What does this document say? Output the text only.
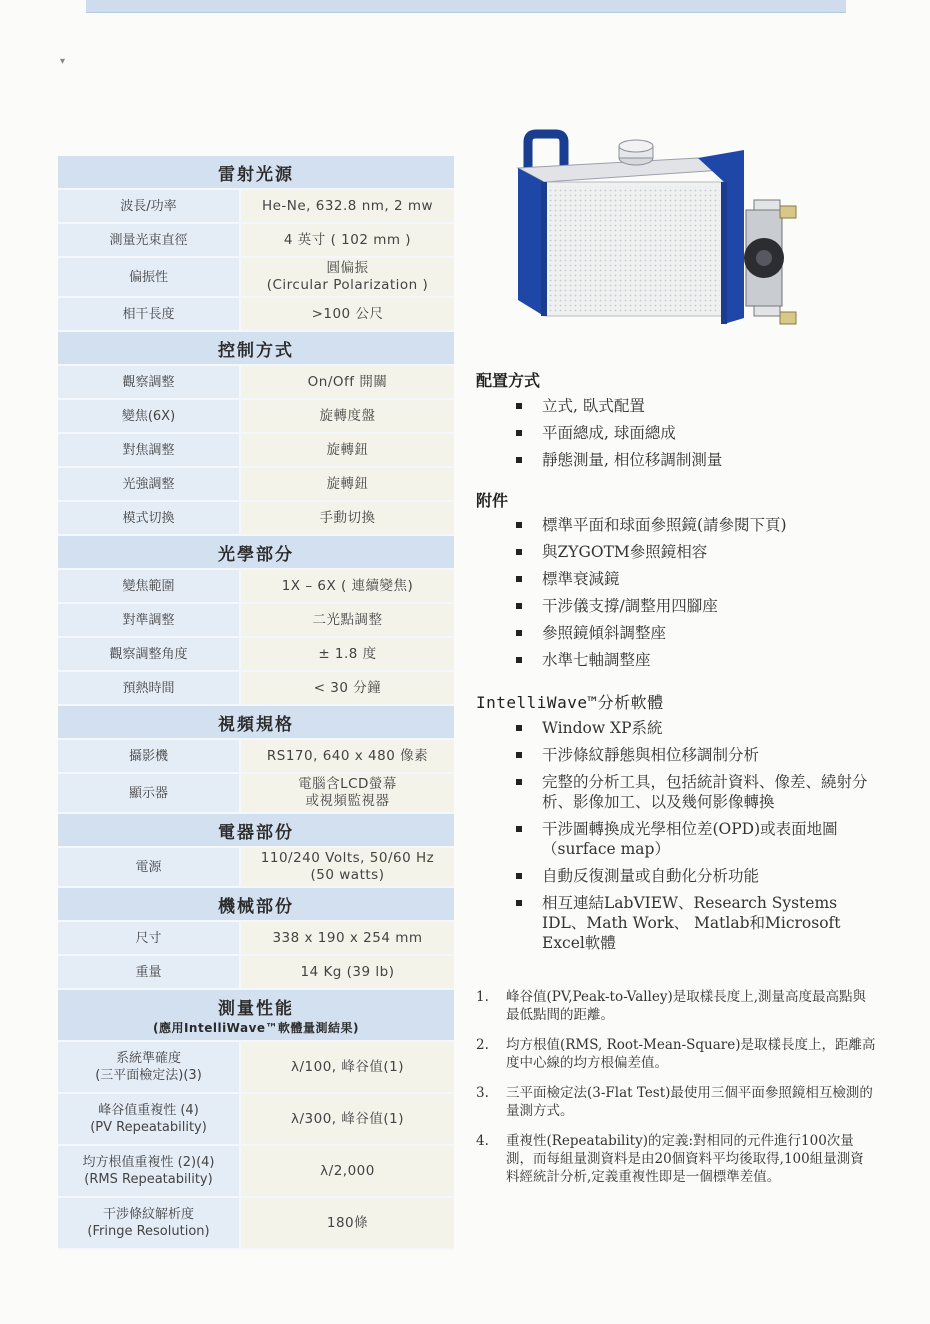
雷射光源	

波長/功率	He-Ne, 632.8 nm, 2 mw

測量光束直徑	4 英寸 ( 102 mm )

偏振性	圓偏振
(Circular Polarization )

相干長度	>100 公尺

控制方式	

觀察調整	On/Off 開關

變焦(6X)	旋轉度盤

對焦調整	旋轉鈕

光強調整	旋轉鈕

模式切換	手動切換

光學部分	

變焦範圍	1X – 6X ( 連續變焦)

對準調整	二光點調整

觀察調整角度	± 1.8 度

預熱時間	< 30 分鐘

視頻規格	

攝影機	RS170, 640 x 480 像素

顯示器	電腦含LCD螢幕
或視頻監視器

電器部份	

電源	110/240 Volts, 50/60 Hz
(50 watts)

機械部份	

尺寸	338 x 190 x 254 mm

重量	14 Kg (39 lb)

測量性能
(應用IntelliWave™軟體量測結果)	

系統準確度
(三平面檢定法)(3)	λ/100, 峰谷值(1)

峰谷值重複性 (4)
(PV Repeatability)	λ/300, 峰谷值(1)

均方根值重複性 (2)(4)
(RMS Repeatability)	λ/2,000

干涉條紋解析度
(Fringe Resolution)	180條
配置方式
立式, 臥式配置
平面總成, 球面總成
靜態測量, 相位移調制測量
附件
標準平面和球面參照鏡(請參閱下頁)
與ZYGOTM參照鏡相容
標準衰減鏡
干涉儀支撐/調整用四腳座
參照鏡傾斜調整座
水準七軸調整座
IntelliWave™分析軟體
Window XP系統
干涉條紋靜態與相位移調制分析
完整的分析工具，包括統計資料、像差、繞射分析、影像加工、以及幾何影像轉換
干涉圖轉換成光學相位差(OPD)或表面地圖（surface map）
自動反復測量或自動化分析功能
相互連結LabVIEW、Research Systems IDL、Math Work、 Matlab和Microsoft Excel軟體
1. 峰谷值(PV,Peak-to-Valley)是取樣長度上,測量高度最高點與最低點間的距離。
2. 均方根值(RMS, Root-Mean-Square)是取樣長度上，距離高度中心線的均方根偏差值。
3. 三平面檢定法(3-Flat Test)最使用三個平面參照鏡相互檢測的量測方式。
4. 重複性(Repeatability)的定義:對相同的元件進行100次量測，而每組量測資料是由20個資料平均後取得,100組量測資料經統計分析,定義重複性即是一個標準差值。
▾
